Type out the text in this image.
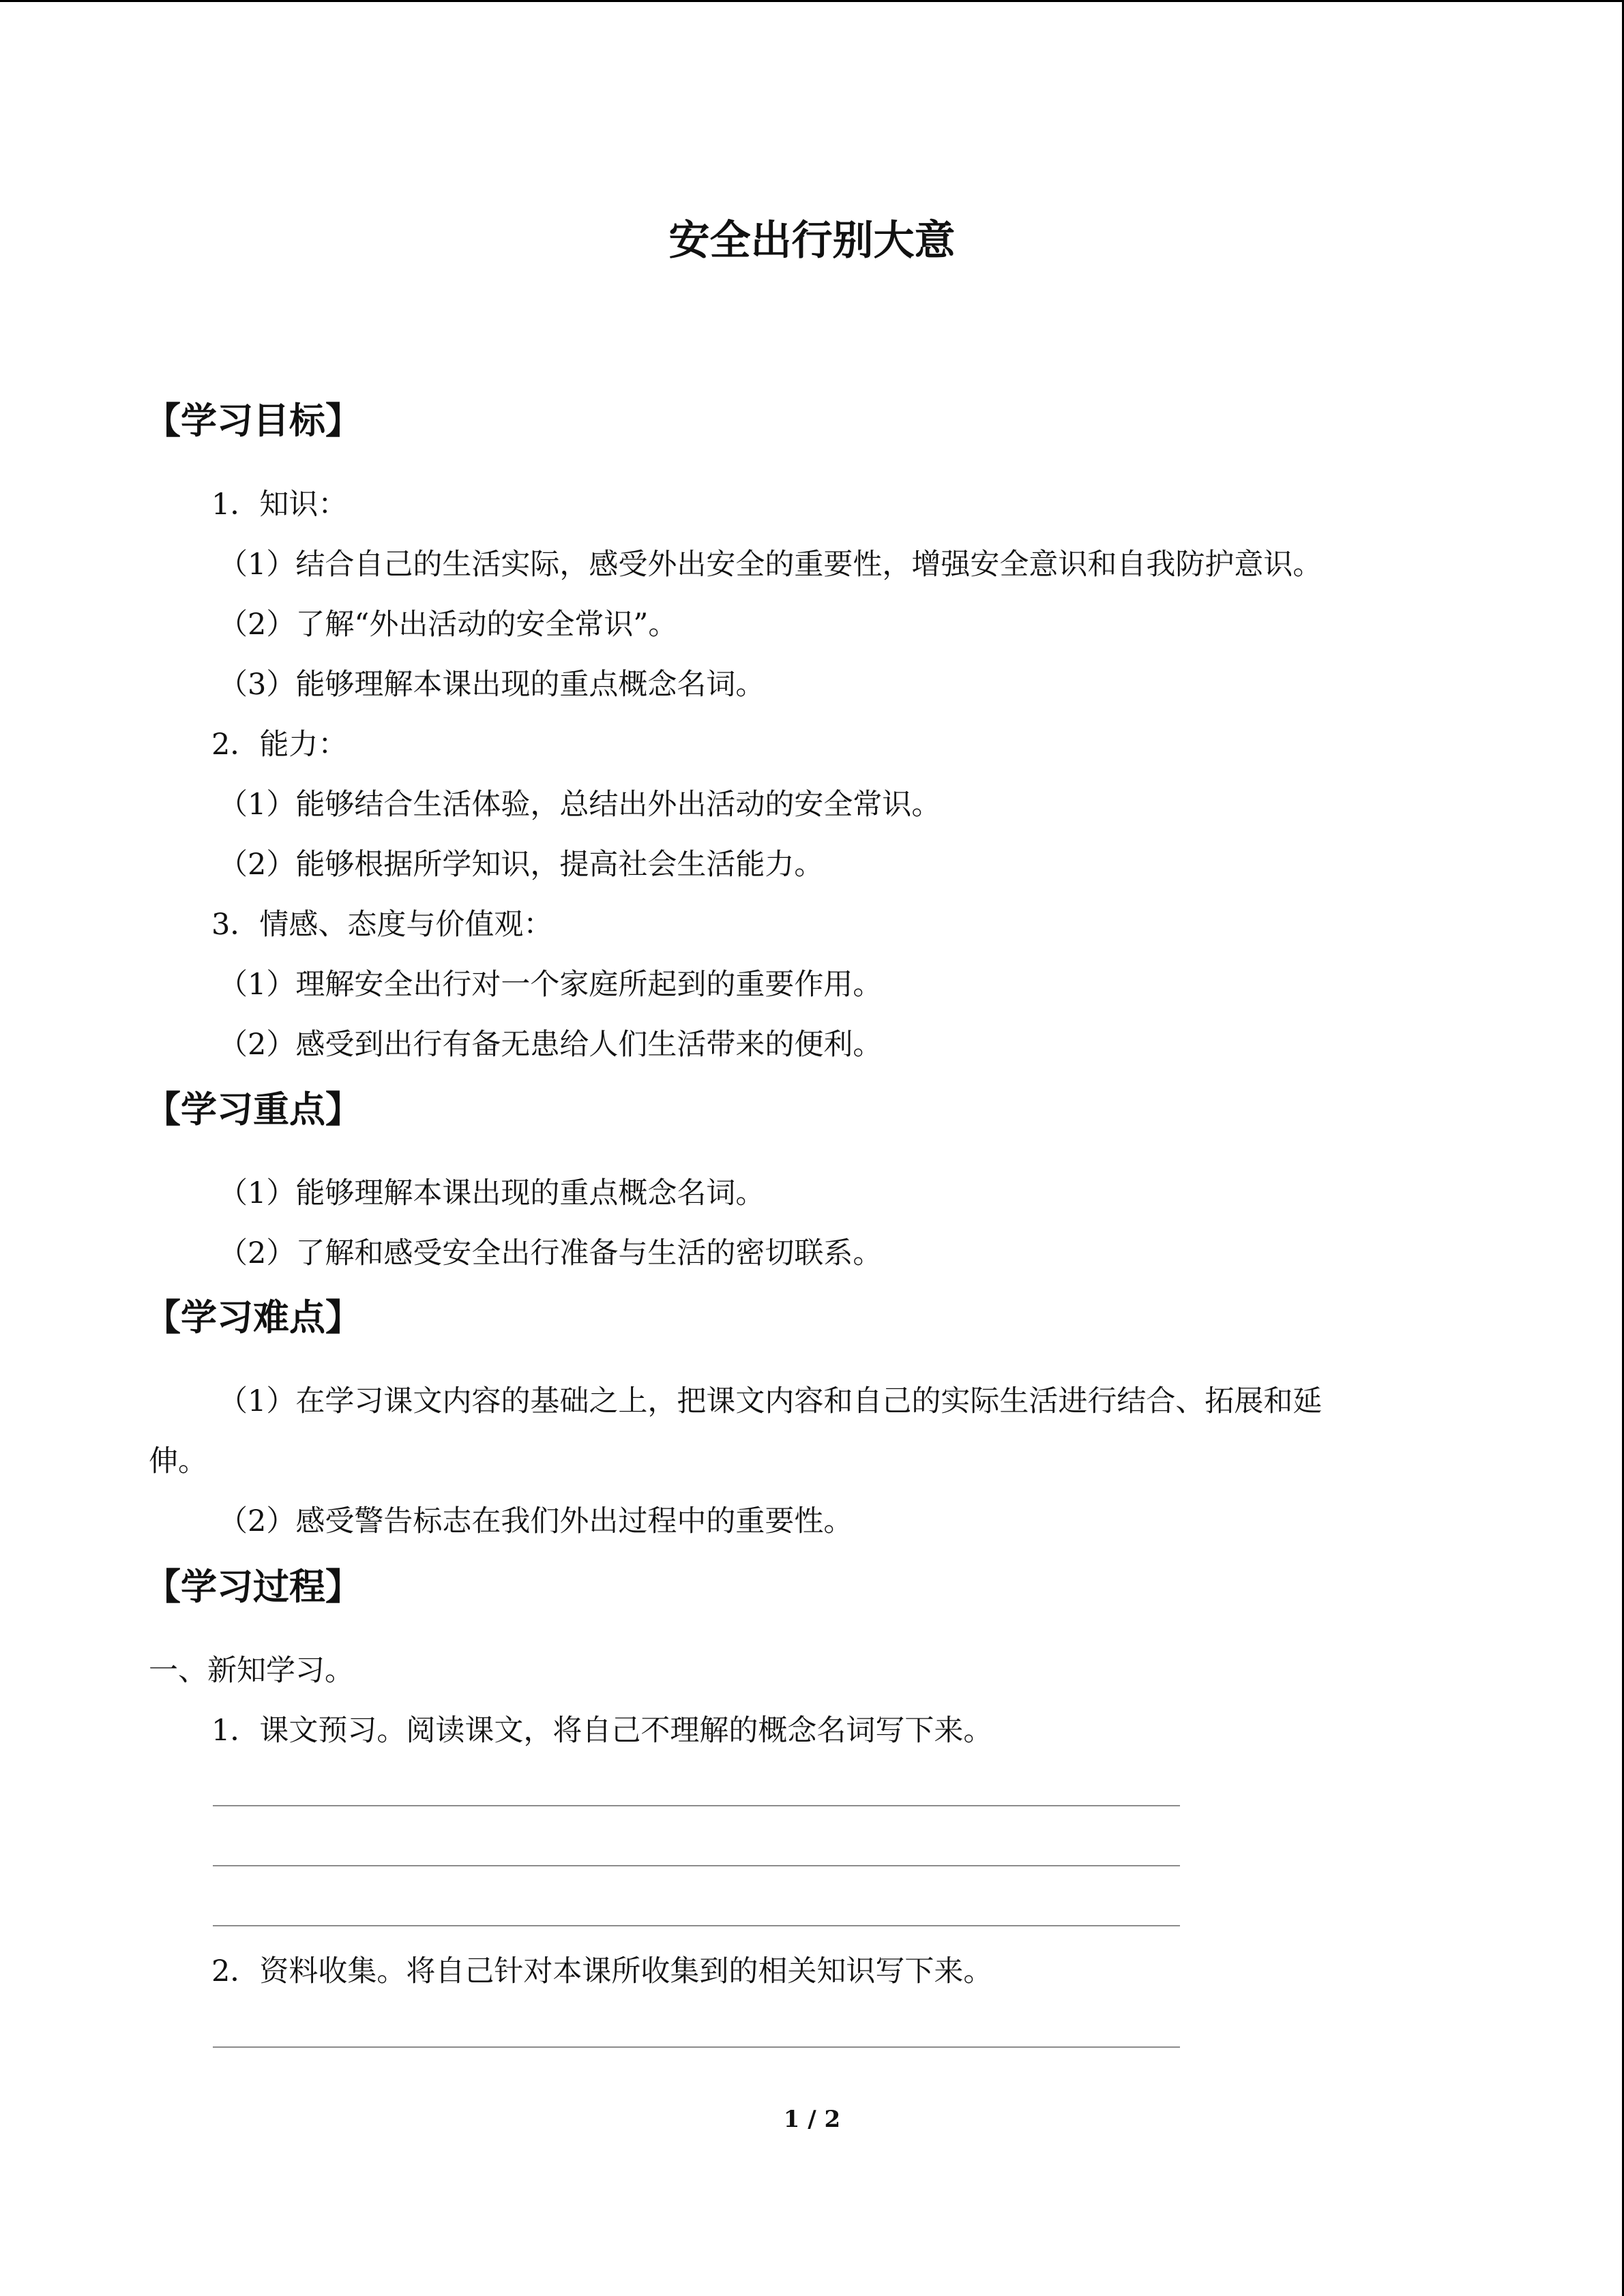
安全出行别大意
【学习目标】
1．知识：
（1）结合自己的生活实际，感受外出安全的重要性，增强安全意识和自我防护意识。
（2）了解“外出活动的安全常识”。
（3）能够理解本课出现的重点概念名词。
2．能力：
（1）能够结合生活体验，总结出外出活动的安全常识。
（2）能够根据所学知识，提高社会生活能力。
3．情感、态度与价值观：
（1）理解安全出行对一个家庭所起到的重要作用。
（2）感受到出行有备无患给人们生活带来的便利。
【学习重点】
（1）能够理解本课出现的重点概念名词。
（2）了解和感受安全出行准备与生活的密切联系。
【学习难点】
（1）在学习课文内容的基础之上，把课文内容和自己的实际生活进行结合、拓展和延
伸。
（2）感受警告标志在我们外出过程中的重要性。
【学习过程】
一、新知学习。
1．课文预习。阅读课文，将自己不理解的概念名词写下来。
2．资料收集。将自己针对本课所收集到的相关知识写下来。
1 / 2
